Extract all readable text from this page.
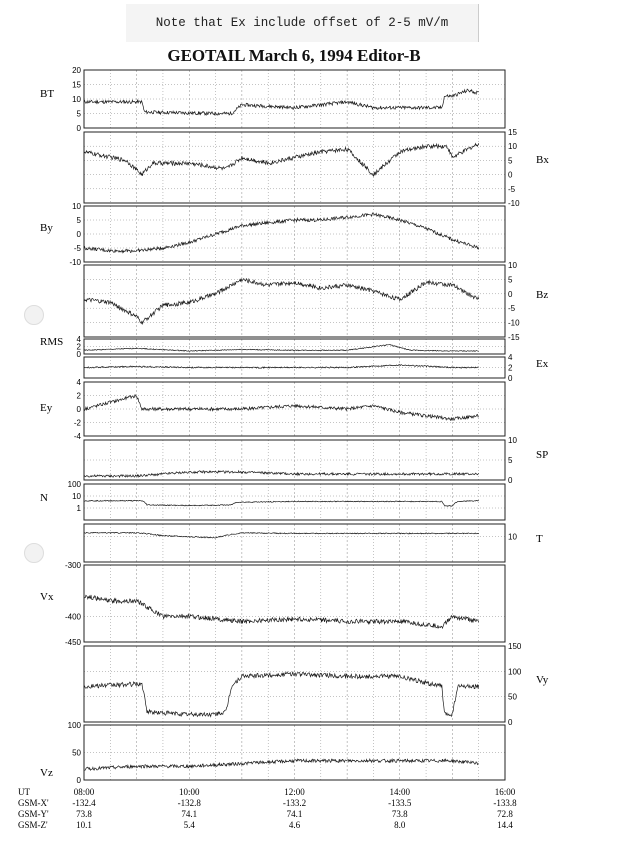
Note that Ex include offset of 2-5 mV/m
GEOTAIL March 6, 1994 Editor-B
20
15
10
5
0
BT
15
10
5
0
-5
-10
Bx
10
5
0
-5
-10
By
10
5
0
-5
-10
-15
Bz
4
2
0
RMS
4
2
0
Ex
4
2
0
-2
-4
Ey
10
5
0
SP
100
10
1
N
10 T
-300
-400
-450
Vx
150
100
50
0
Vy
100
50
0
Vz
UT
GSM-X'
GSM-Y'
GSM-Z'
08:00
-132.4
73.8
10.1
10:00
-132.8
74.1
5.4
12:00
-133.2
74.1
4.6
14:00
-133.5
73.8
8.0
16:00
-133.8
72.8
14.4
